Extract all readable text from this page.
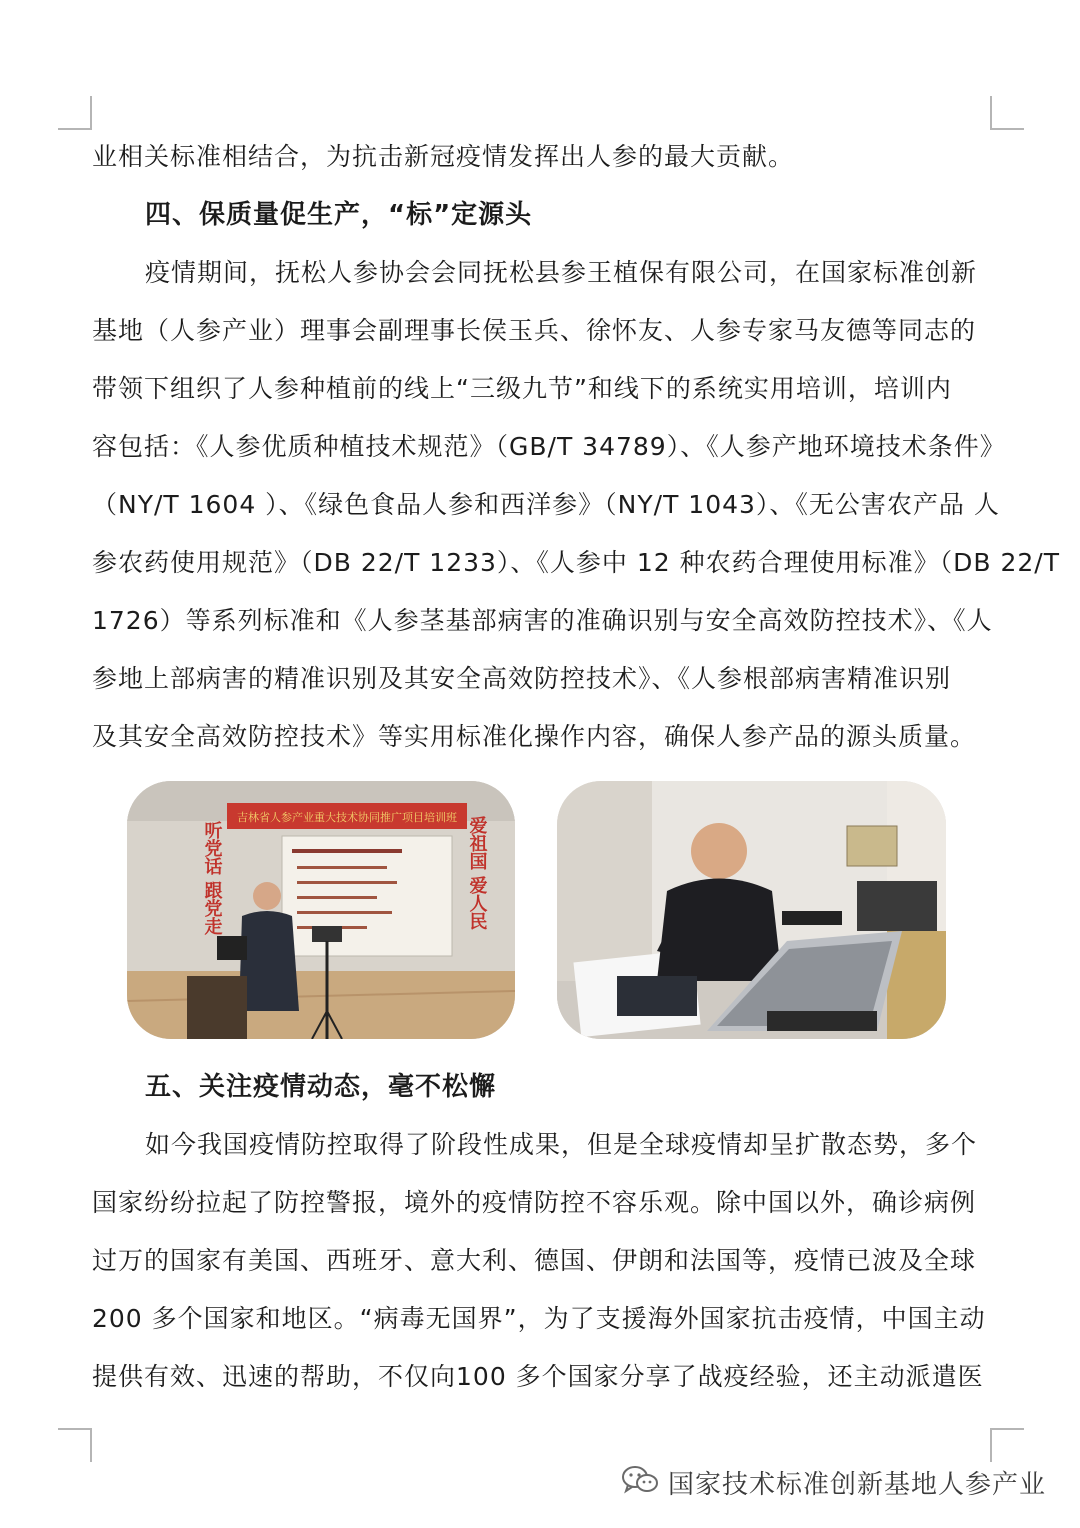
业相关标准相结合，为抗击新冠疫情发挥出人参的最大贡献。
四、保质量促生产，“标”定源头
疫情期间，抚松人参协会会同抚松县参王植保有限公司，在国家标准创新
基地（人参产业）理事会副理事长侯玉兵、徐怀友、人参专家马友德等同志的
带领下组织了人参种植前的线上“三级九节”和线下的系统实用培训，培训内
容包括：《人参优质种植技术规范》（GB/T 34789）、《人参产地环境技术条件》
（NY/T 1604 ）、《绿色食品人参和西洋参》（NY/T 1043）、《无公害农产品 人
参农药使用规范》（DB 22/T 1233）、《人参中 12 种农药合理使用标准》（DB 22/T
1726）等系列标准和《人参茎基部病害的准确识别与安全高效防控技术》、《人
参地上部病害的精准识别及其安全高效防控技术》、《人参根部病害精准识别
及其安全高效防控技术》等实用标准化操作内容，确保人参产品的源头质量。
吉林省人参产业重大技术协同推广项目培训班
听党话 跟党走	爱祖国 爱人民
五、关注疫情动态，毫不松懈
如今我国疫情防控取得了阶段性成果，但是全球疫情却呈扩散态势，多个
国家纷纷拉起了防控警报，境外的疫情防控不容乐观。除中国以外，确诊病例
过万的国家有美国、西班牙、意大利、德国、伊朗和法国等，疫情已波及全球
200 多个国家和地区。“病毒无国界”，为了支援海外国家抗击疫情，中国主动
提供有效、迅速的帮助，不仅向100 多个国家分享了战疫经验，还主动派遣医
国家技术标准创新基地人参产业
